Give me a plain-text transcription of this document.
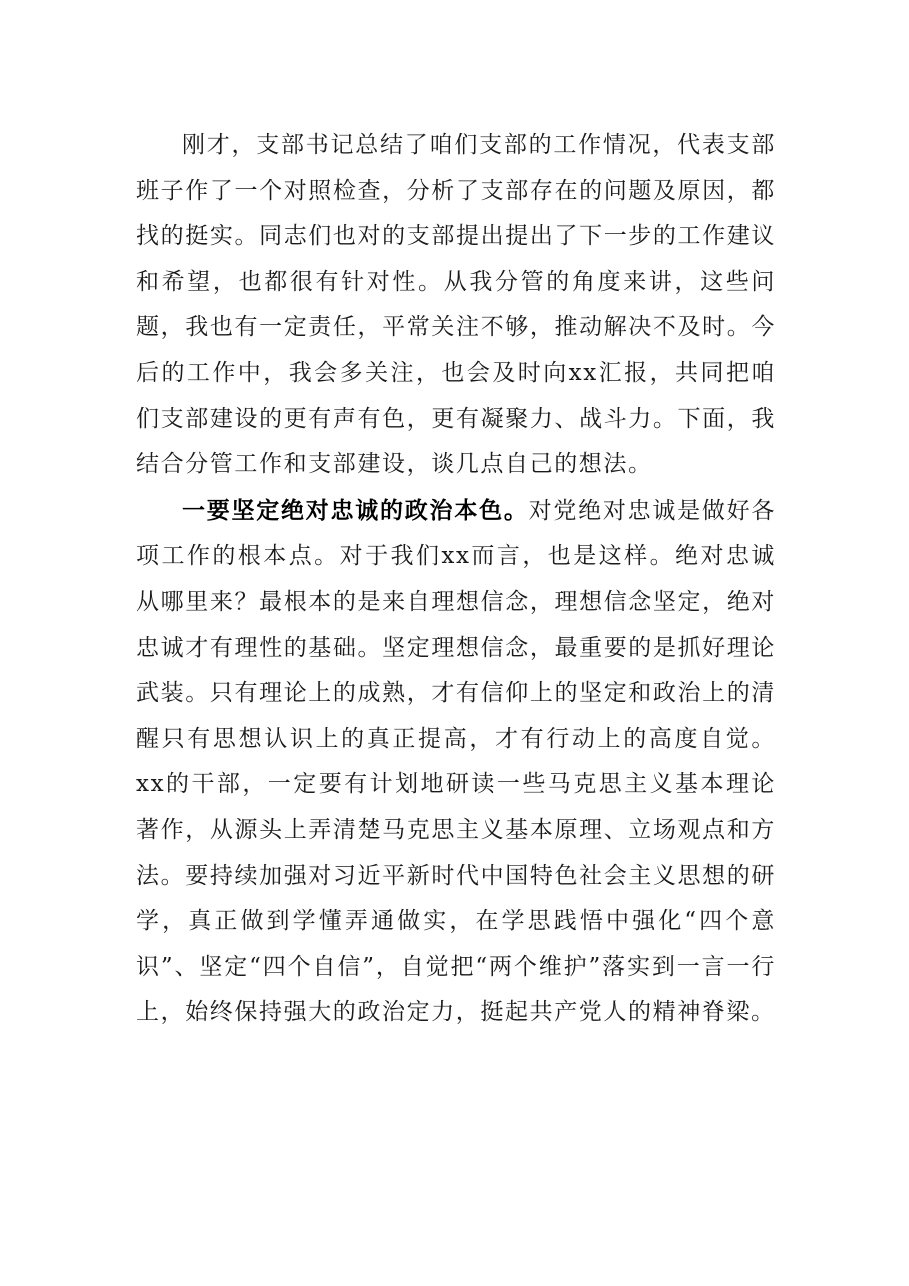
刚才，支部书记总结了咱们支部的工作情况，代表支部班子作了一个对照检查，分析了支部存在的问题及原因，都找的挺实。同志们也对的支部提出提出了下一步的工作建议和希望，也都很有针对性。从我分管的角度来讲，这些问题，我也有一定责任，平常关注不够，推动解决不及时。今后的工作中，我会多关注，也会及时向xx汇报，共同把咱们支部建设的更有声有色，更有凝聚力、战斗力。下面，我结合分管工作和支部建设，谈几点自己的想法。

一要坚定绝对忠诚的政治本色。对党绝对忠诚是做好各项工作的根本点。对于我们xx而言，也是这样。绝对忠诚从哪里来？最根本的是来自理想信念，理想信念坚定，绝对忠诚才有理性的基础。坚定理想信念，最重要的是抓好理论武装。只有理论上的成熟，才有信仰上的坚定和政治上的清醒只有思想认识上的真正提高，才有行动上的高度自觉。xx的干部，一定要有计划地研读一些马克思主义基本理论著作，从源头上弄清楚马克思主义基本原理、立场观点和方法。要持续加强对习近平新时代中国特色社会主义思想的研学，真正做到学懂弄通做实，在学思践悟中强化“四个意识”、坚定“四个自信”，自觉把“两个维护”落实到一言一行上，始终保持强大的政治定力，挺起共产党人的精神脊梁。
